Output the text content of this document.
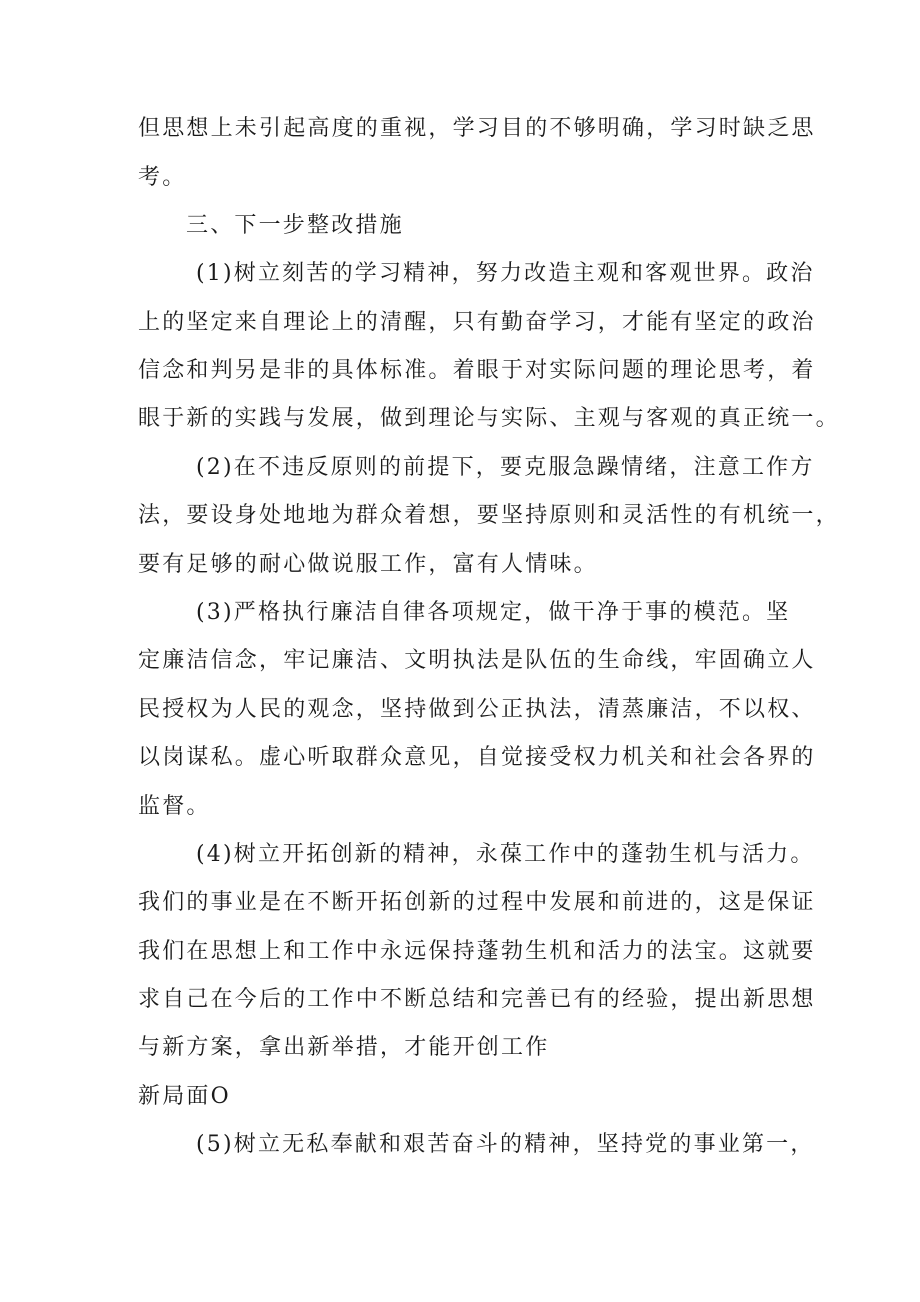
但思想上未引起高度的重视，学习目的不够明确，学习时缺乏思
考。
三、下一步整改措施
(1)树立刻苦的学习精神，努力改造主观和客观世界。政治
上的坚定来自理论上的清醒，只有勤奋学习，才能有坚定的政治
信念和判另是非的具体标准。着眼于对实际问题的理论思考，着
眼于新的实践与发展，做到理论与实际、主观与客观的真正统一。
(2)在不违反原则的前提下，要克服急躁情绪，注意工作方
法，要设身处地地为群众着想，要坚持原则和灵活性的有机统一，
要有足够的耐心做说服工作，富有人情味。
(3)严格执行廉洁自律各项规定，做干净于事的模范。坚
定廉洁信念，牢记廉洁、文明执法是队伍的生命线，牢固确立人
民授权为人民的观念，坚持做到公正执法，清蒸廉洁，不以权、
以岗谋私。虚心听取群众意见，自觉接受权力机关和社会各界的
监督。
(4)树立开拓创新的精神，永葆工作中的蓬勃生机与活力。
我们的事业是在不断开拓创新的过程中发展和前进的，这是保证
我们在思想上和工作中永远保持蓬勃生机和活力的法宝。这就要
求自己在今后的工作中不断总结和完善已有的经验，提出新思想
与新方案，拿出新举措，才能开创工作
新局面O
(5)树立无私奉献和艰苦奋斗的精神，坚持党的事业第一，
